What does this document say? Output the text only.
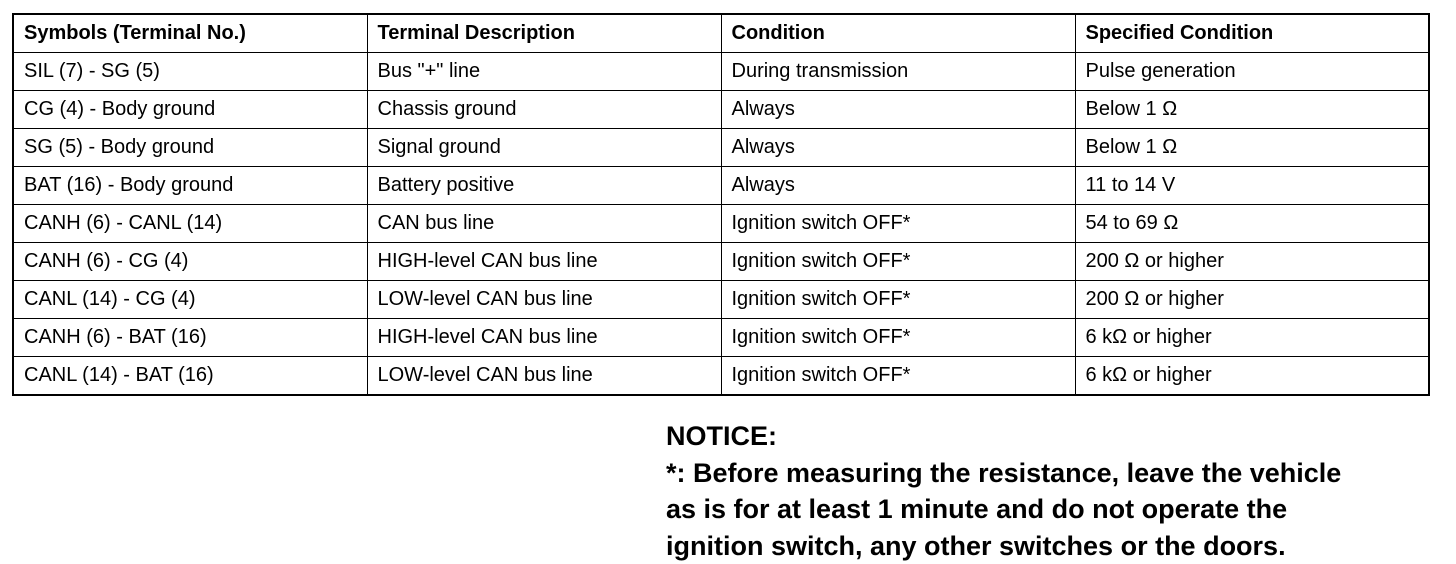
Symbols (Terminal No.)	Terminal Description	Condition	Specified Condition
SIL (7) - SG (5)	Bus "+" line	During transmission	Pulse generation
CG (4) - Body ground	Chassis ground	Always	Below 1 Ω
SG (5) - Body ground	Signal ground	Always	Below 1 Ω
BAT (16) - Body ground	Battery positive	Always	11 to 14 V
CANH (6) - CANL (14)	CAN bus line	Ignition switch OFF*	54 to 69 Ω
CANH (6) - CG (4)	HIGH-level CAN bus line	Ignition switch OFF*	200 Ω or higher
CANL (14) - CG (4)	LOW-level CAN bus line	Ignition switch OFF*	200 Ω or higher
CANH (6) - BAT (16)	HIGH-level CAN bus line	Ignition switch OFF*	6 kΩ or higher
CANL (14) - BAT (16)	LOW-level CAN bus line	Ignition switch OFF*	6 kΩ or higher

NOTICE:

*: Before measuring the resistance, leave the vehicle

as is for at least 1 minute and do not operate the

ignition switch, any other switches or the doors.
